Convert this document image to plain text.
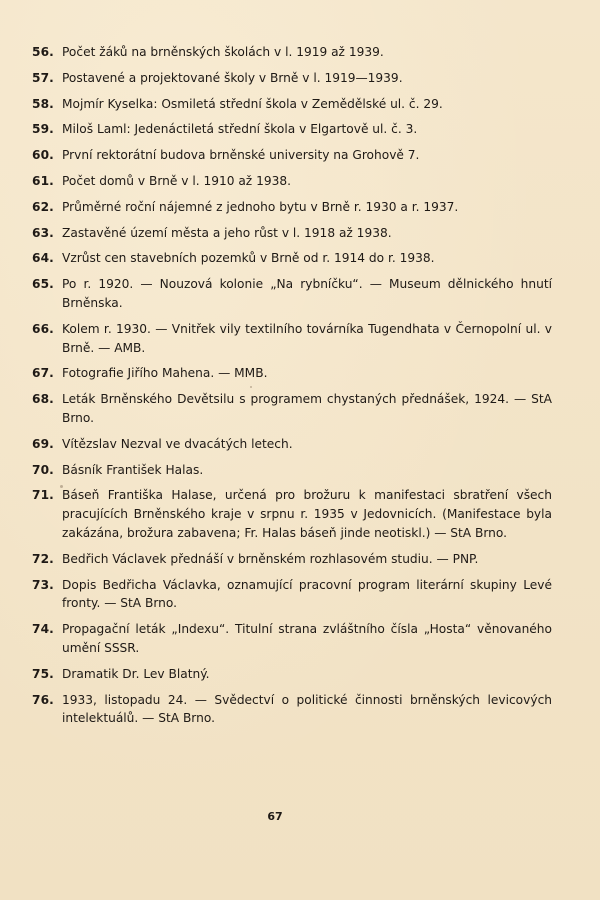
56. Počet žáků na brněnských školách v l. 1919 až 1939.
57. Postavené a projektované školy v Brně v l. 1919—1939.
58. Mojmír Kyselka: Osmiletá střední škola v Zemědělské ul. č. 29.
59. Miloš Laml: Jedenáctiletá střední škola v Elgartově ul. č. 3.
60. První rektorátní budova brněnské university na Grohově 7.
61. Počet domů v Brně v l. 1910 až 1938.
62. Průměrné roční nájemné z jednoho bytu v Brně r. 1930 a r. 1937.
63. Zastavěné území města a jeho růst v l. 1918 až 1938.
64. Vzrůst cen stavebních pozemků v Brně od r. 1914 do r. 1938.
65. Po r. 1920. — Nouzová kolonie „Na rybníčku“. — Museum dělnického hnutí Brněnska.
66. Kolem r. 1930. — Vnitřek vily textilního továrníka Tugendhata v Černopolní ul. v Brně. — AMB.
67. Fotografie Jiřího Mahena. — MMB.
68. Leták Brněnského Devětsilu s programem chystaných přednášek, 1924. — StA Brno.
69. Vítězslav Nezval ve dvacátých letech.
70. Básník František Halas.
71. Báseň Františka Halase, určená pro brožuru k manifestaci sbratření všech pracujících Brněnského kraje v srpnu r. 1935 v Jedovnicích. (Manifestace byla zakázána, brožura zabavena; Fr. Halas báseň jinde neotiskl.) — StA Brno.
72. Bedřich Václavek přednáší v brněnském rozhlasovém studiu. — PNP.
73. Dopis Bedřicha Václavka, oznamující pracovní program literární skupiny Levé fronty. — StA Brno.
74. Propagační leták „Indexu“. Titulní strana zvláštního čísla „Hosta“ věnovaného umění SSSR.
75. Dramatik Dr. Lev Blatný.
76. 1933, listopadu 24. — Svědectví o politické činnosti brněnských levicových intelektuálů. — StA Brno.
67
